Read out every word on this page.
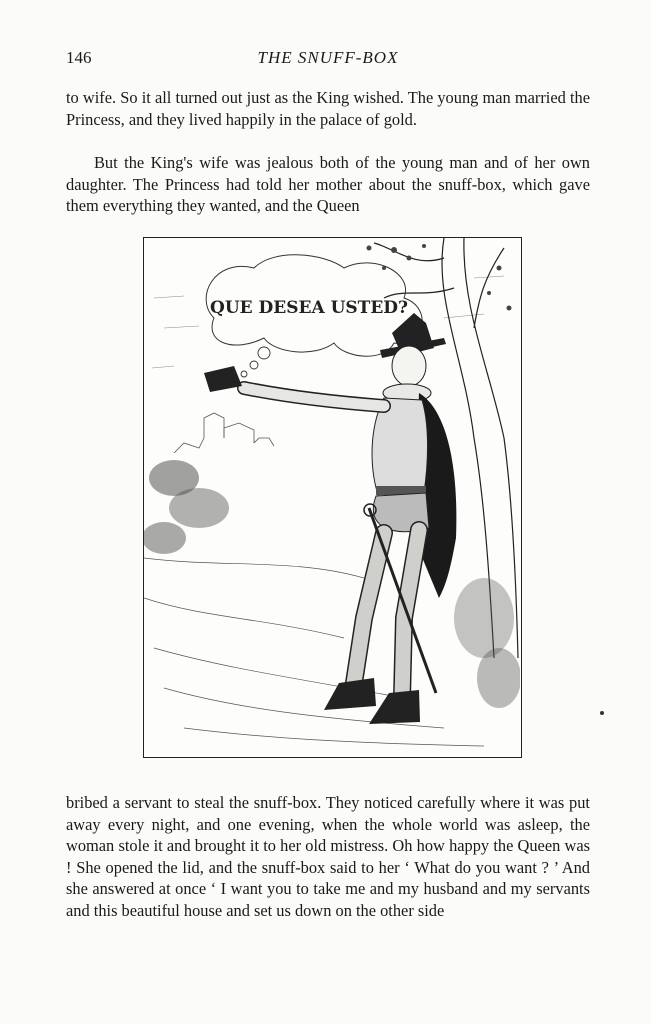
146	THE SNUFF-BOX

to wife. So it all turned out just as the King wished. The young man married the Princess, and they lived happily in the palace of gold.

But the King's wife was jealous both of the young man and of her own daughter. The Princess had told her mother about the snuff-box, which gave them everything they wanted, and the Queen

QUE DESEA USTED?

bribed a servant to steal the snuff-box. They noticed carefully where it was put away every night, and one evening, when the whole world was asleep, the woman stole it and brought it to her old mistress. Oh how happy the Queen was ! She opened the lid, and the snuff-box said to her ‘ What do you want ? ’ And she answered at once ‘ I want you to take me and my husband and my servants and this beautiful house and set us down on the other side
